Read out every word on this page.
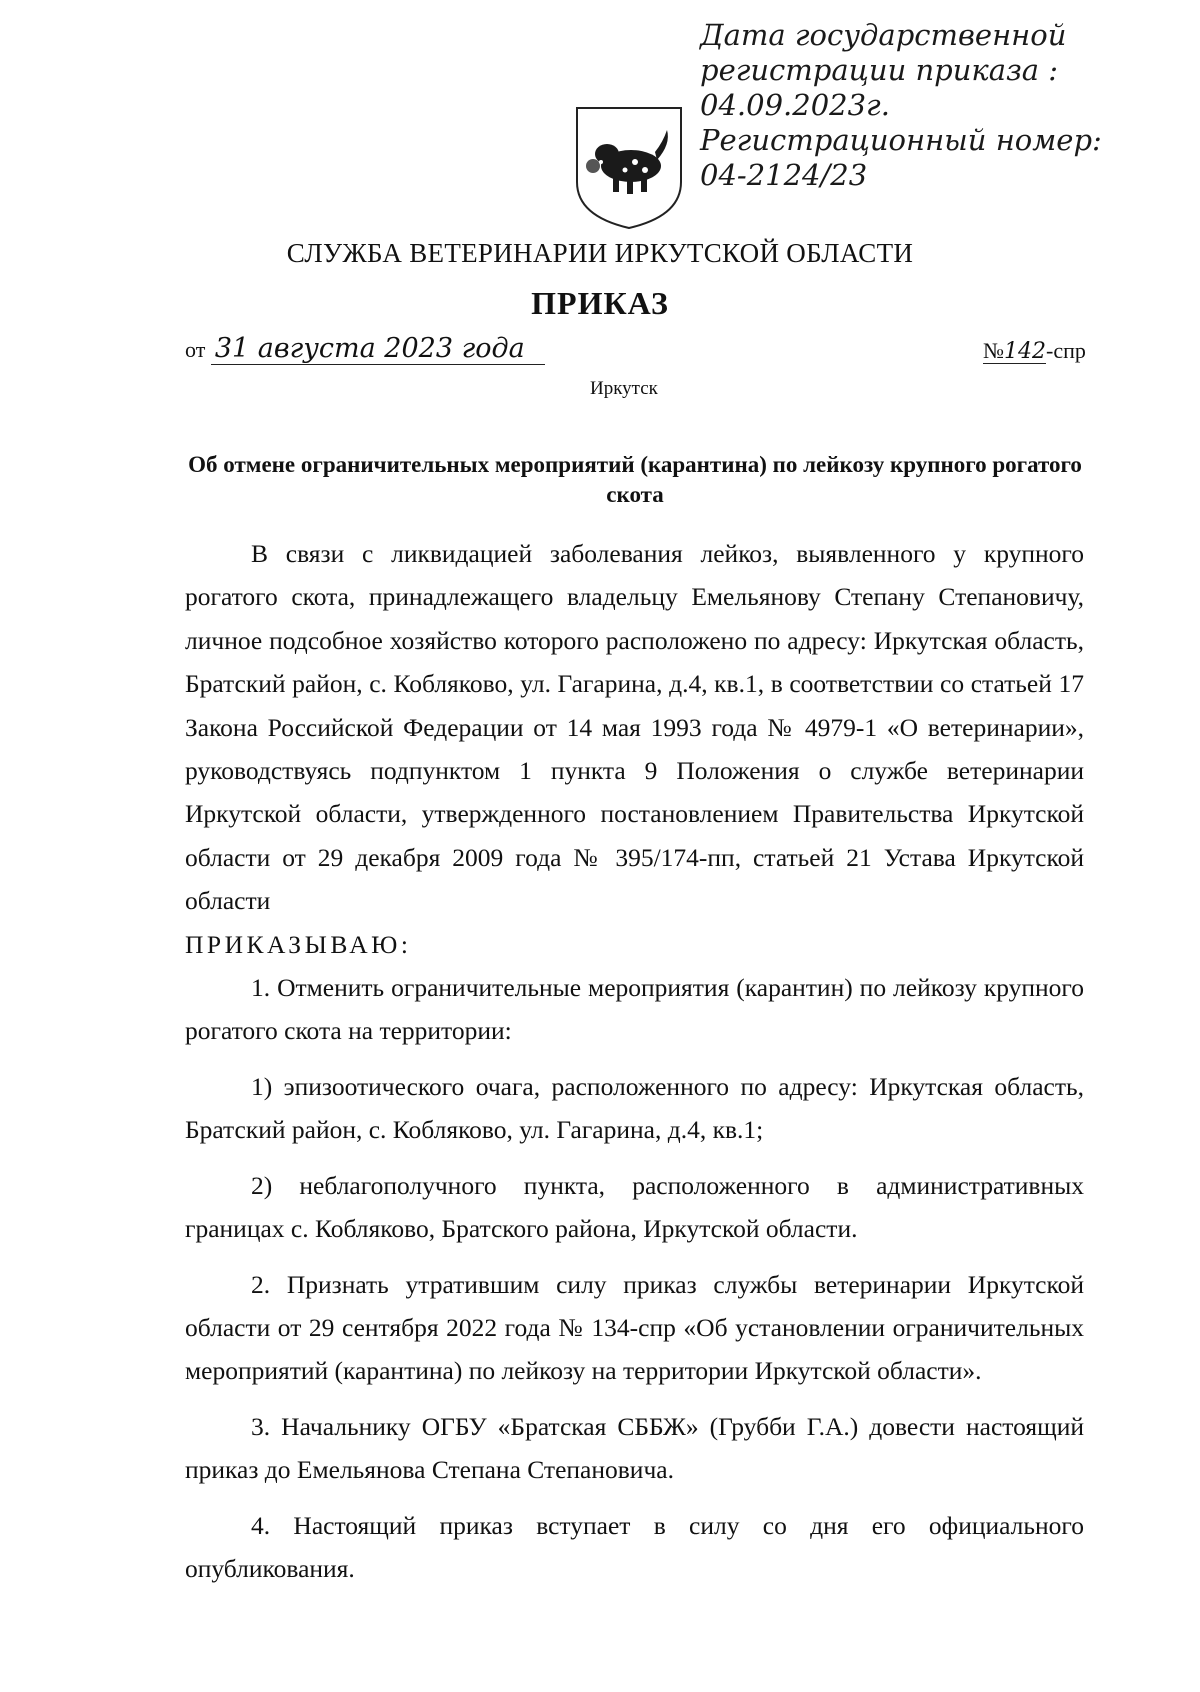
Дата государственной
регистрации приказа :
04.09.2023г.
Регистрационный номер:
04-2124/23
СЛУЖБА ВЕТЕРИНАРИИ ИРКУТСКОЙ ОБЛАСТИ
ПРИКАЗ
от 31 августа 2023 года	№142-спр
Иркутск
Об отмене ограничительных мероприятий (карантина) по лейкозу крупного рогатого скота

В связи с ликвидацией заболевания лейкоз, выявленного у крупного рогатого скота, принадлежащего владельцу Емельянову Степану Степановичу, личное подсобное хозяйство которого расположено по адресу: Иркутская область, Братский район, с. Кобляково, ул. Гагарина, д.4, кв.1, в соответствии со статьей 17 Закона Российской Федерации от 14 мая 1993 года № 4979-1 «О ветеринарии», руководствуясь подпунктом 1 пункта 9 Положения о службе ветеринарии Иркутской области, утвержденного постановлением Правительства Иркутской области от 29 декабря 2009 года № 395/174-пп, статьей 21 Устава Иркутской области

ПРИКАЗЫВАЮ:

1. Отменить ограничительные мероприятия (карантин) по лейкозу крупного рогатого скота на территории:

1) эпизоотического очага, расположенного по адресу: Иркутская область, Братский район, с. Кобляково, ул. Гагарина, д.4, кв.1;

2) неблагополучного пункта, расположенного в административных границах с. Кобляково, Братского района, Иркутской области.

2. Признать утратившим силу приказ службы ветеринарии Иркутской области от 29 сентября 2022 года № 134-спр «Об установлении ограничительных мероприятий (карантина) по лейкозу на территории Иркутской области».

3. Начальнику ОГБУ «Братская СББЖ» (Грубби Г.А.) довести настоящий приказ до Емельянова Степана Степановича.

4. Настоящий приказ вступает в силу со дня его официального опубликования.
